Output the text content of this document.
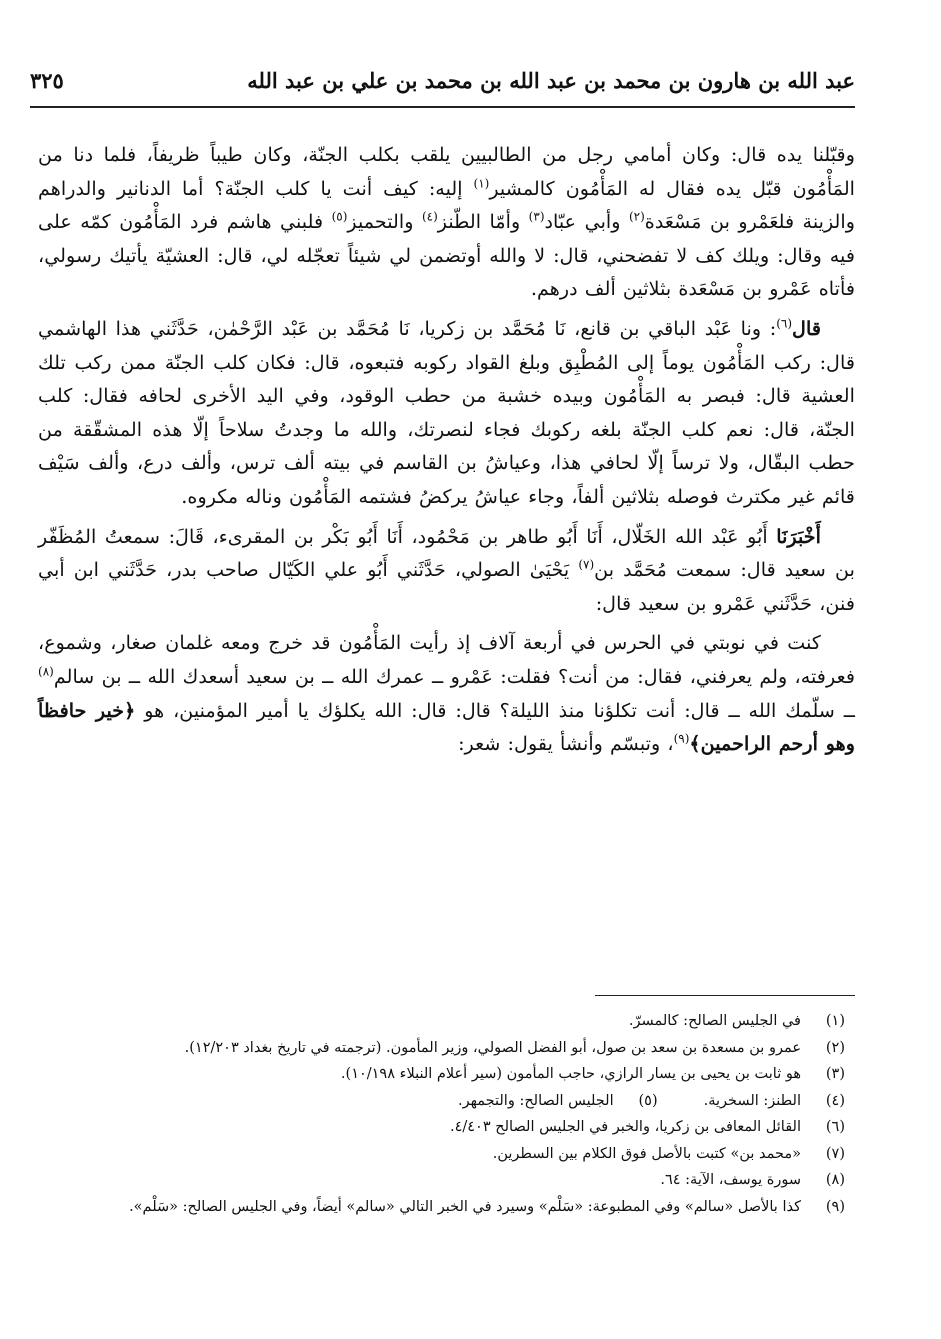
عبد الله بن هارون بن محمد بن عبد الله بن محمد بن علي بن عبد الله
٣٢٥

وقبّلنا يده قال: وكان أمامي رجل من الطالبيين يلقب بكلب الجنّة، وكان طيباً ظريفاً، فلما دنا من المَأْمُون قبّل يده فقال له المَأْمُون كالمشير$^{(١)}$ إليه: كيف أنت يا كلب الجنّة؟ أما الدنانير والدراهم والزينة فلعَمْرو بن مَسْعَدة$^{(٢)}$ وأبي عبّاد$^{(٣)}$ وأمّا الطّنز$^{(٤)}$ والتحميز$^{(٥)}$ فلبني هاشم فرد المَأْمُون كمّه على فيه وقال: ويلك كف لا تفضحني، قال: لا والله أوتضمن لي شيئاً تعجّله لي، قال: العشيّة يأتيك رسولي، فأتاه عَمْرو بن مَسْعَدة بثلاثين ألف درهم.

قال$^{(٦)}$: ونا عَبْد الباقي بن قانع، نَا مُحَمَّد بن زكريا، نَا مُحَمَّد بن عَبْد الرَّحْمٰن، حَدَّثَني هذا الهاشمي قال: ركب المَأْمُون يوماً إلى المُطْبِق وبلغ القواد ركوبه فتبعوه، قال: فكان كلب الجنّة ممن ركب تلك العشية قال: فبصر به المَأْمُون وبيده خشبة من حطب الوقود، وفي اليد الأخرى لحافه فقال: كلب الجنّة، قال: نعم كلب الجنّة بلغه ركوبك فجاء لنصرتك، والله ما وجدتُ سلاحاً إلّا هذه المشقّقة من حطب البقّال، ولا ترساً إلّا لحافي هذا، وعياشُ بن القاسم في بيته ألف ترس، وألف درع، وألف سَيْف قائم غير مكترث فوصله بثلاثين ألفاً، وجاء عياشُ يركضُ فشتمه المَأْمُون وناله مكروه.

أَخْبَرَنَا أَبُو عَبْد الله الخَلّال، أَنَا أَبُو طاهر بن مَحْمُود، أَنَا أَبُو بَكْر بن المقرىء، قَالَ: سمعتُ المُظَفّر بن سعيد قال: سمعت مُحَمَّد بن$^{(٧)}$ يَحْيَىٰ الصولي، حَدَّثَني أَبُو علي الكَيّال صاحب بدر، حَدَّثَني ابن أبي فنن، حَدَّثَني عَمْرو بن سعيد قال:

كنت في نوبتي في الحرس في أربعة آلاف إذ رأيت المَأْمُون قد خرج ومعه غلمان صغار، وشموع، فعرفته، ولم يعرفني، فقال: من أنت؟ فقلت: عَمْرو ــ عمرك الله ــ بن سعيد أسعدك الله ــ بن سالم$^{(٨)}$ ــ سلّمك الله ــ قال: أنت تكلؤنا منذ الليلة؟ قال: قال: الله يكلؤك يا أمير المؤمنين، هو ﴿خير حافظاً وهو أرحم الراحمين﴾$^{(٩)}$، وتبسّم وأنشأ يقول: شعر:

(١)
في الجليس الصالح: كالمسرّ.
(٢)
عمرو بن مسعدة بن سعد بن صول، أبو الفضل الصولي، وزير المأمون. (ترجمته في تاريخ بغداد ١٢/٢٠٣).
(٣)
هو ثابت بن يحيى بن يسار الرازي، حاجب المأمون (سير أعلام النبلاء ١٠/١٩٨).
(٤)
الطنز: السخرية.
(٥)
الجليس الصالح: والتجمهر.
(٦)
القائل المعافى بن زكريا، والخبر في الجليس الصالح ٤/٤٠٣.
(٧)
«محمد بن» كتبت بالأصل فوق الكلام بين السطرين.
(٨)
سورة يوسف، الآية: ٦٤.
(٩)
كذا بالأصل «سالم» وفي المطبوعة: «سَلْم» وسيرد في الخبر التالي «سالم» أيضاً، وفي الجليس الصالح: «سَلْم».
